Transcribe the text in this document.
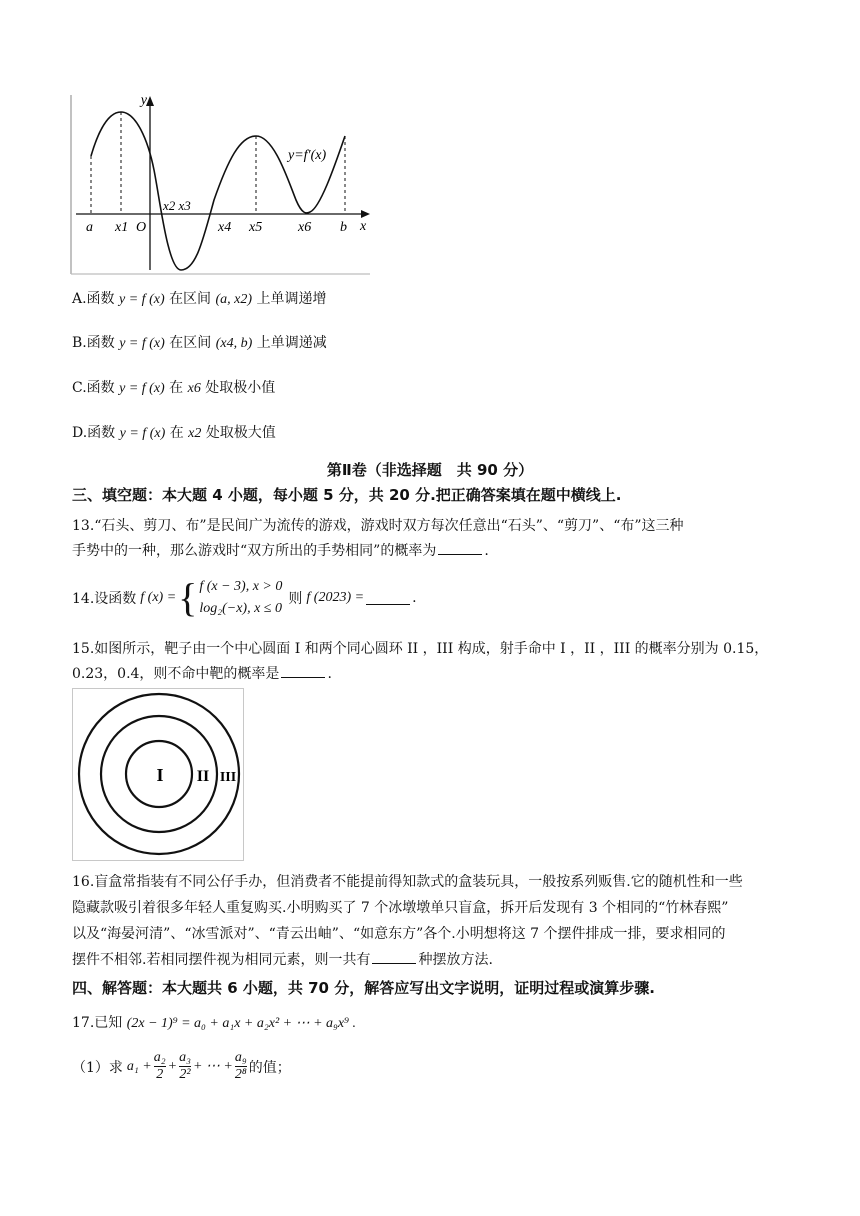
y
x
O
y=f′(x)
a x1
x2 x3
x4 x5	x6 b
A.函数 y = f (x) 在区间 (a, x2) 上单调递增
B.函数 y = f (x) 在区间 (x4, b) 上单调递减
C.函数 y = f (x) 在 x6 处取极小值
D.函数 y = f (x) 在 x2 处取极大值
第Ⅱ卷（非选择题　共 90 分）
三、填空题：本大题 4 小题，每小题 5 分，共 20 分.把正确答案填在题中横线上.
13.“石头、剪刀、布”是民间广为流传的游戏，游戏时双方每次任意出“石头”、“剪刀”、“布”这三种
手势中的一种，那么游戏时“双方所出的手势相同”的概率为	.
14.设函数 f (x) = { f (x − 3), x > 0
log₂(−x), x ≤ 0
则 f (2023) =	.
15.如图所示，靶子由一个中心圆面 I 和两个同心圆环 II ，III 构成，射手命中 I ，II ，III 的概率分别为 0.15，
0.23，0.4，则不命中靶的概率是	.
I II III
16.盲盒常指装有不同公仔手办，但消费者不能提前得知款式的盒装玩具，一般按系列贩售.它的随机性和一些
隐藏款吸引着很多年轻人重复购买.小明购买了 7 个冰墩墩单只盲盒，拆开后发现有 3 个相同的“竹林春熙”
以及“海晏河清”、“冰雪派对”、“青云出岫”、“如意东方”各个.小明想将这 7 个摆件排成一排，要求相同的
摆件不相邻.若相同摆件视为相同元素，则一共有	种摆放方法.
四、解答题：本大题共 6 小题，共 70 分，解答应写出文字说明，证明过程或演算步骤.
17.已知 (2x − 1)⁹ = a₀ + a₁x + a₂x² + ⋯ + a₉x⁹ .
（1）求 $a_1 + \frac{\text{a₂}}{2} + \frac{\text{a₃}}{\text{2²}}$ + ⋯ + $\frac{\text{a₉}}{\text{2⁸}}$ 的值；
